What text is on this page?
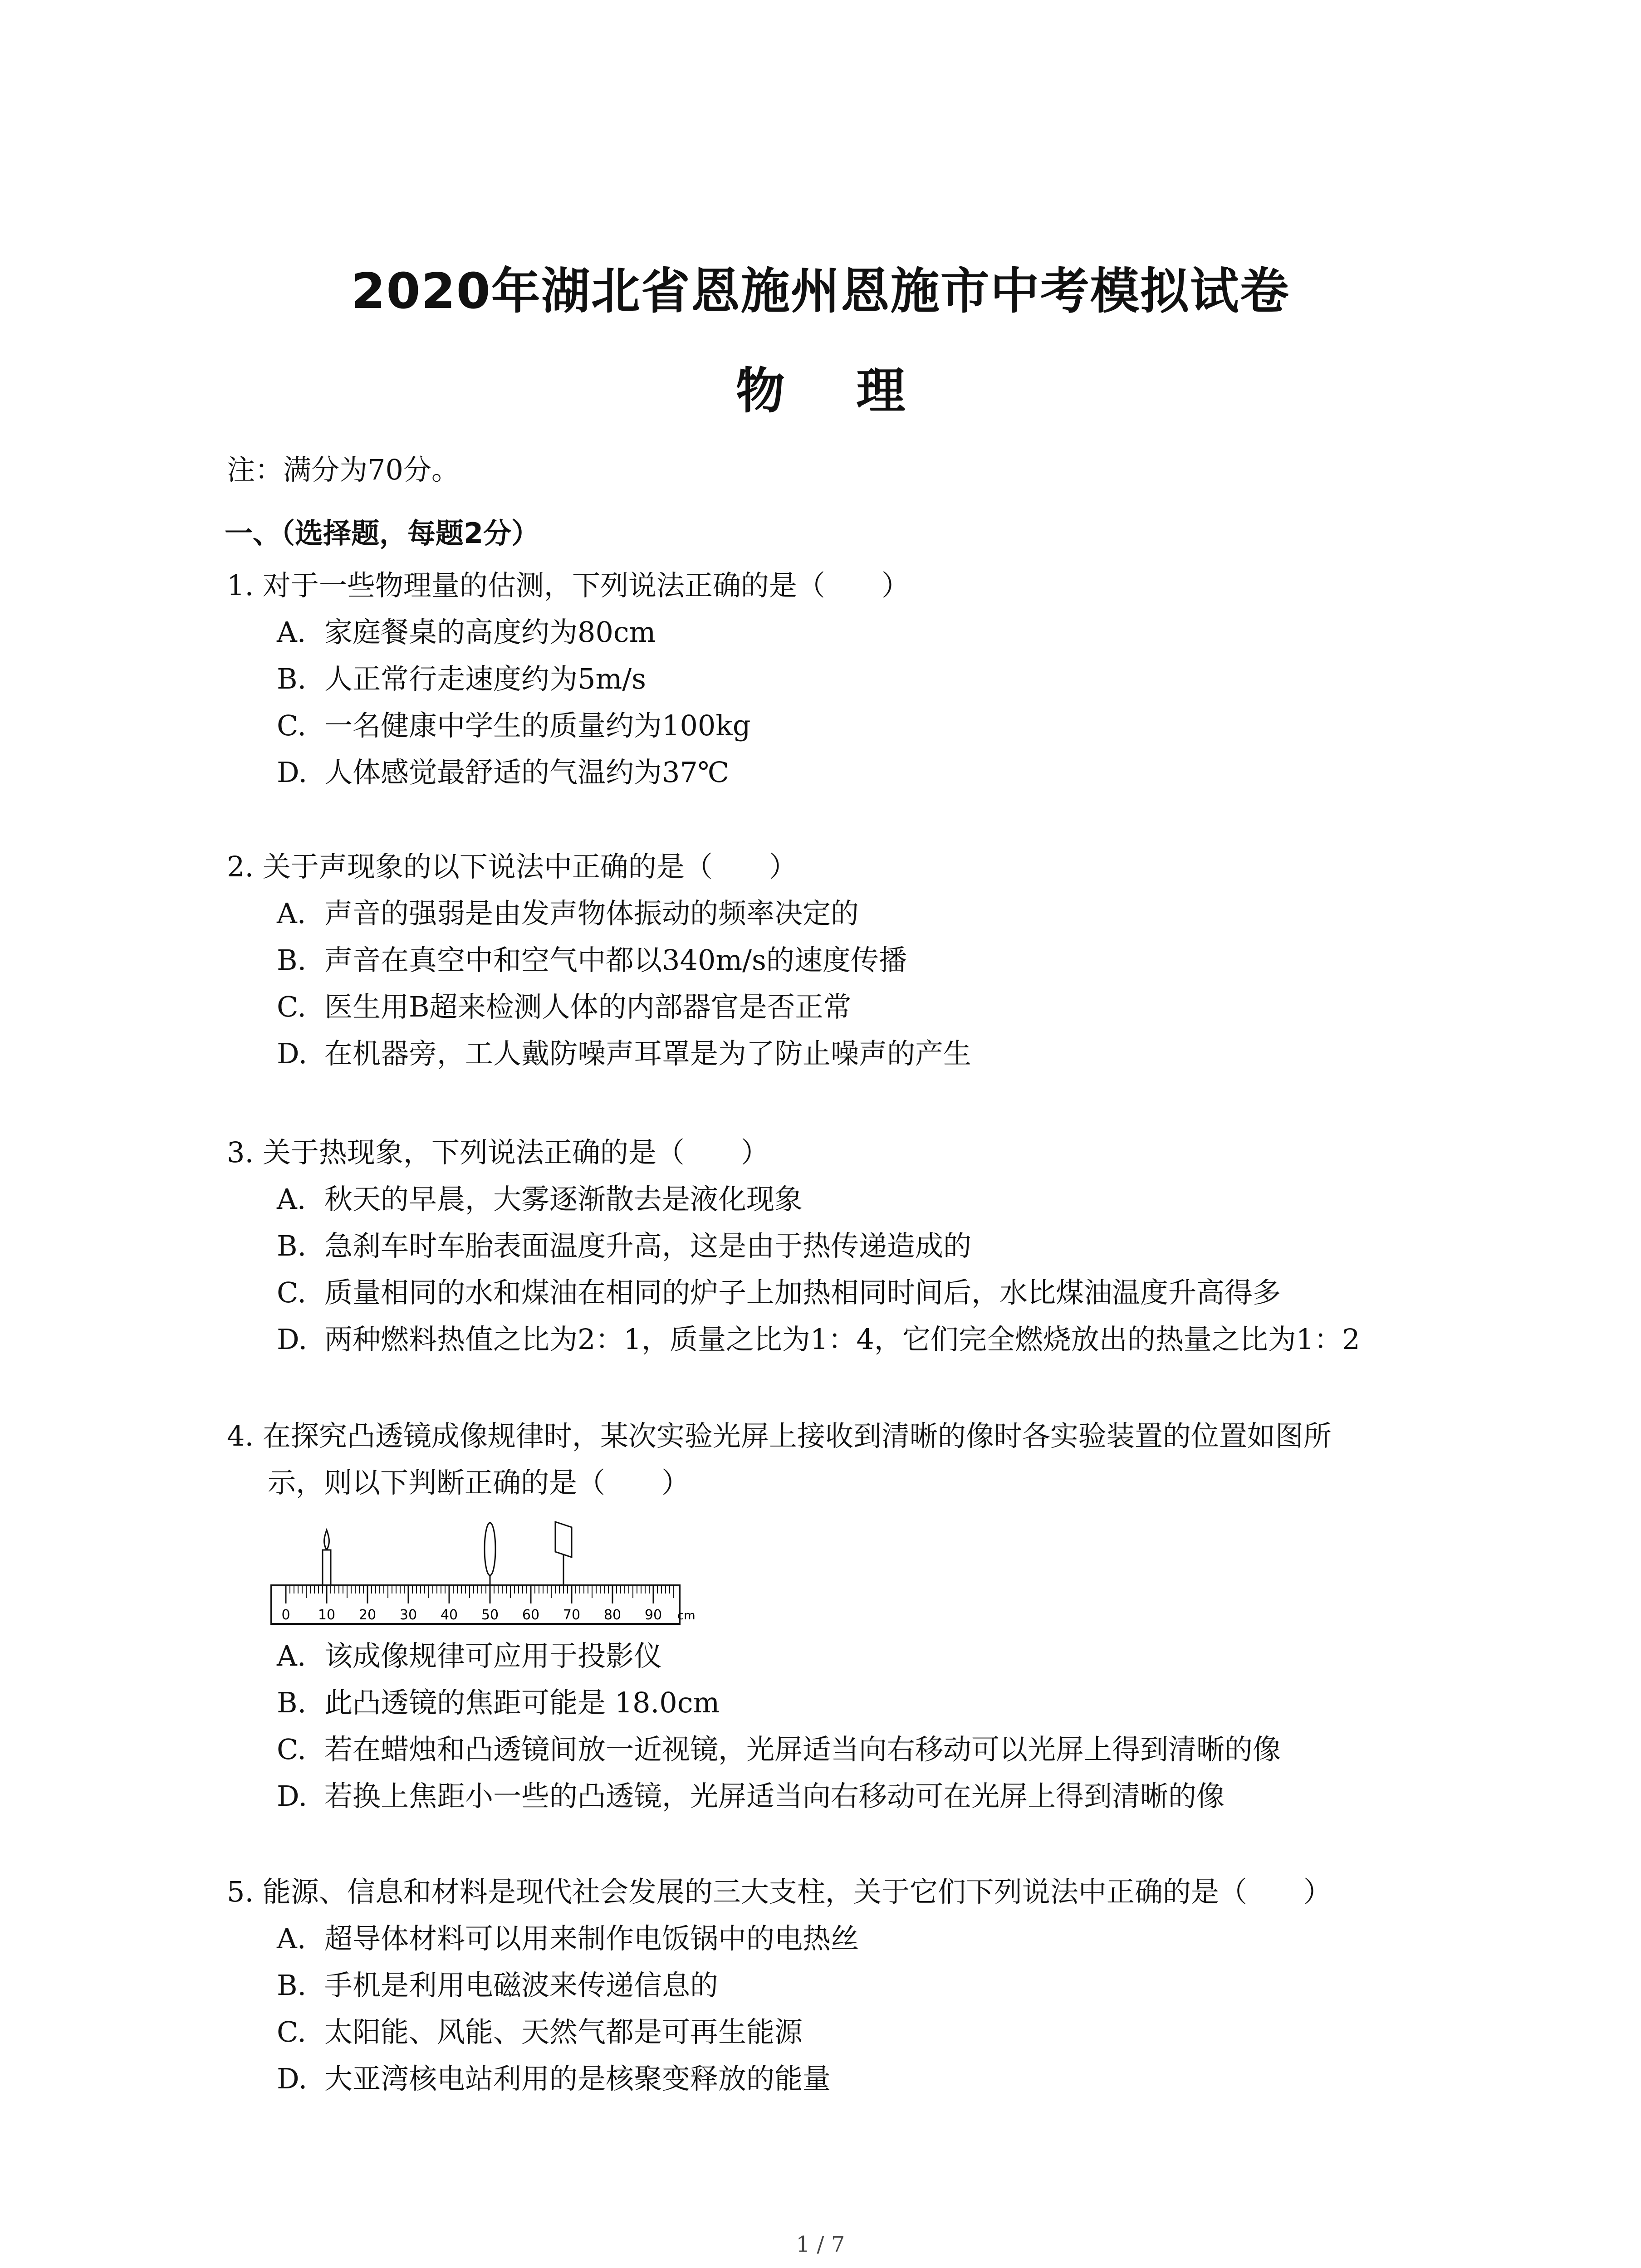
2020年湖北省恩施州恩施市中考模拟试卷
物 理
注：满分为70分。
一、（选择题，每题2分）
1. 对于一些物理量的估测，下列说法正确的是（　　）
A. 家庭餐桌的高度约为80cm
B. 人正常行走速度约为5m/s
C. 一名健康中学生的质量约为100kg
D. 人体感觉最舒适的气温约为37℃
2. 关于声现象的以下说法中正确的是（　　）
A. 声音的强弱是由发声物体振动的频率决定的
B. 声音在真空中和空气中都以340m/s的速度传播
C. 医生用B超来检测人体的内部器官是否正常
D. 在机器旁，工人戴防噪声耳罩是为了防止噪声的产生
3. 关于热现象，下列说法正确的是（　　）
A. 秋天的早晨，大雾逐渐散去是液化现象
B. 急刹车时车胎表面温度升高，这是由于热传递造成的
C. 质量相同的水和煤油在相同的炉子上加热相同时间后，水比煤油温度升高得多
D. 两种燃料热值之比为2：1，质量之比为1：4，它们完全燃烧放出的热量之比为1：2
4. 在探究凸透镜成像规律时，某次实验光屏上接收到清晰的像时各实验装置的位置如图所
示，则以下判断正确的是（　　）
0 10 20 30 40 50 60 70 80 90 cm
A. 该成像规律可应用于投影仪
B. 此凸透镜的焦距可能是 18.0cm
C. 若在蜡烛和凸透镜间放一近视镜，光屏适当向右移动可以光屏上得到清晰的像
D. 若换上焦距小一些的凸透镜，光屏适当向右移动可在光屏上得到清晰的像
5. 能源、信息和材料是现代社会发展的三大支柱，关于它们下列说法中正确的是（　　）
A. 超导体材料可以用来制作电饭锅中的电热丝
B. 手机是利用电磁波来传递信息的
C. 太阳能、风能、天然气都是可再生能源
D. 大亚湾核电站利用的是核聚变释放的能量
1 / 7
